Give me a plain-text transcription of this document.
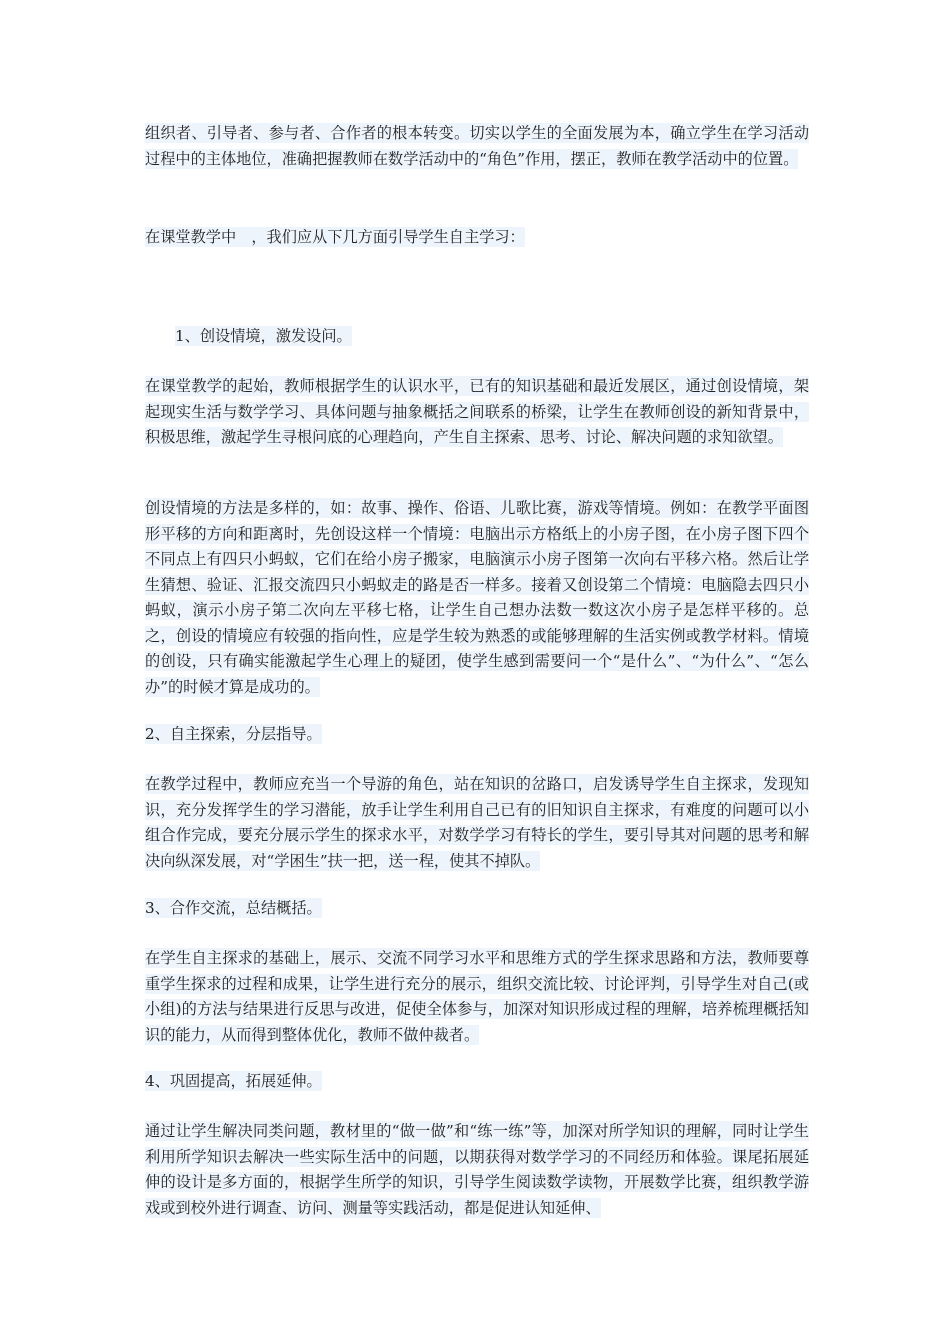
组织者、引导者、参与者、合作者的根本转变。切实以学生的全面发展为本，确立学生在学习活动过程中的主体地位，准确把握教师在数学活动中的“角色”作用，摆正，教师在教学活动中的位置。

在课堂教学中　，我们应从下几方面引导学生自主学习：

1、创设情境，激发设问。

在课堂教学的起始，教师根据学生的认识水平，已有的知识基础和最近发展区，通过创设情境，架起现实生活与数学学习、具体问题与抽象概括之间联系的桥梁，让学生在教师创设的新知背景中，积极思维，激起学生寻根问底的心理趋向，产生自主探索、思考、讨论、解决问题的求知欲望。

创设情境的方法是多样的，如：故事、操作、俗语、儿歌比赛，游戏等情境。例如：在教学平面图形平移的方向和距离时，先创设这样一个情境：电脑出示方格纸上的小房子图，在小房子图下四个不同点上有四只小蚂蚁，它们在给小房子搬家，电脑演示小房子图第一次向右平移六格。然后让学生猜想、验证、汇报交流四只小蚂蚁走的路是否一样多。接着又创设第二个情境：电脑隐去四只小蚂蚁，演示小房子第二次向左平移七格，让学生自己想办法数一数这次小房子是怎样平移的。总之，创设的情境应有较强的指向性，应是学生较为熟悉的或能够理解的生活实例或教学材料。情境的创设，只有确实能激起学生心理上的疑团，使学生感到需要问一个“是什么”、“为什么”、“怎么办”的时候才算是成功的。

2、自主探索，分层指导。

在教学过程中，教师应充当一个导游的角色，站在知识的岔路口，启发诱导学生自主探求，发现知识，充分发挥学生的学习潜能，放手让学生利用自己已有的旧知识自主探求，有难度的问题可以小组合作完成，要充分展示学生的探求水平，对数学学习有特长的学生，要引导其对问题的思考和解决向纵深发展，对“学困生”扶一把，送一程，使其不掉队。

3、合作交流，总结概括。

在学生自主探求的基础上，展示、交流不同学习水平和思维方式的学生探求思路和方法，教师要尊重学生探求的过程和成果，让学生进行充分的展示，组织交流比较、讨论评判，引导学生对自己(或小组)的方法与结果进行反思与改进，促使全体参与，加深对知识形成过程的理解，培养梳理概括知识的能力，从而得到整体优化，教师不做仲裁者。

4、巩固提高，拓展延伸。

通过让学生解决同类问题，教材里的“做一做”和“练一练”等，加深对所学知识的理解，同时让学生利用所学知识去解决一些实际生活中的问题，以期获得对数学学习的不同经历和体验。课尾拓展延伸的设计是多方面的，根据学生所学的知识，引导学生阅读数学读物，开展数学比赛，组织教学游戏或到校外进行调查、访问、测量等实践活动，都是促进认知延伸、
